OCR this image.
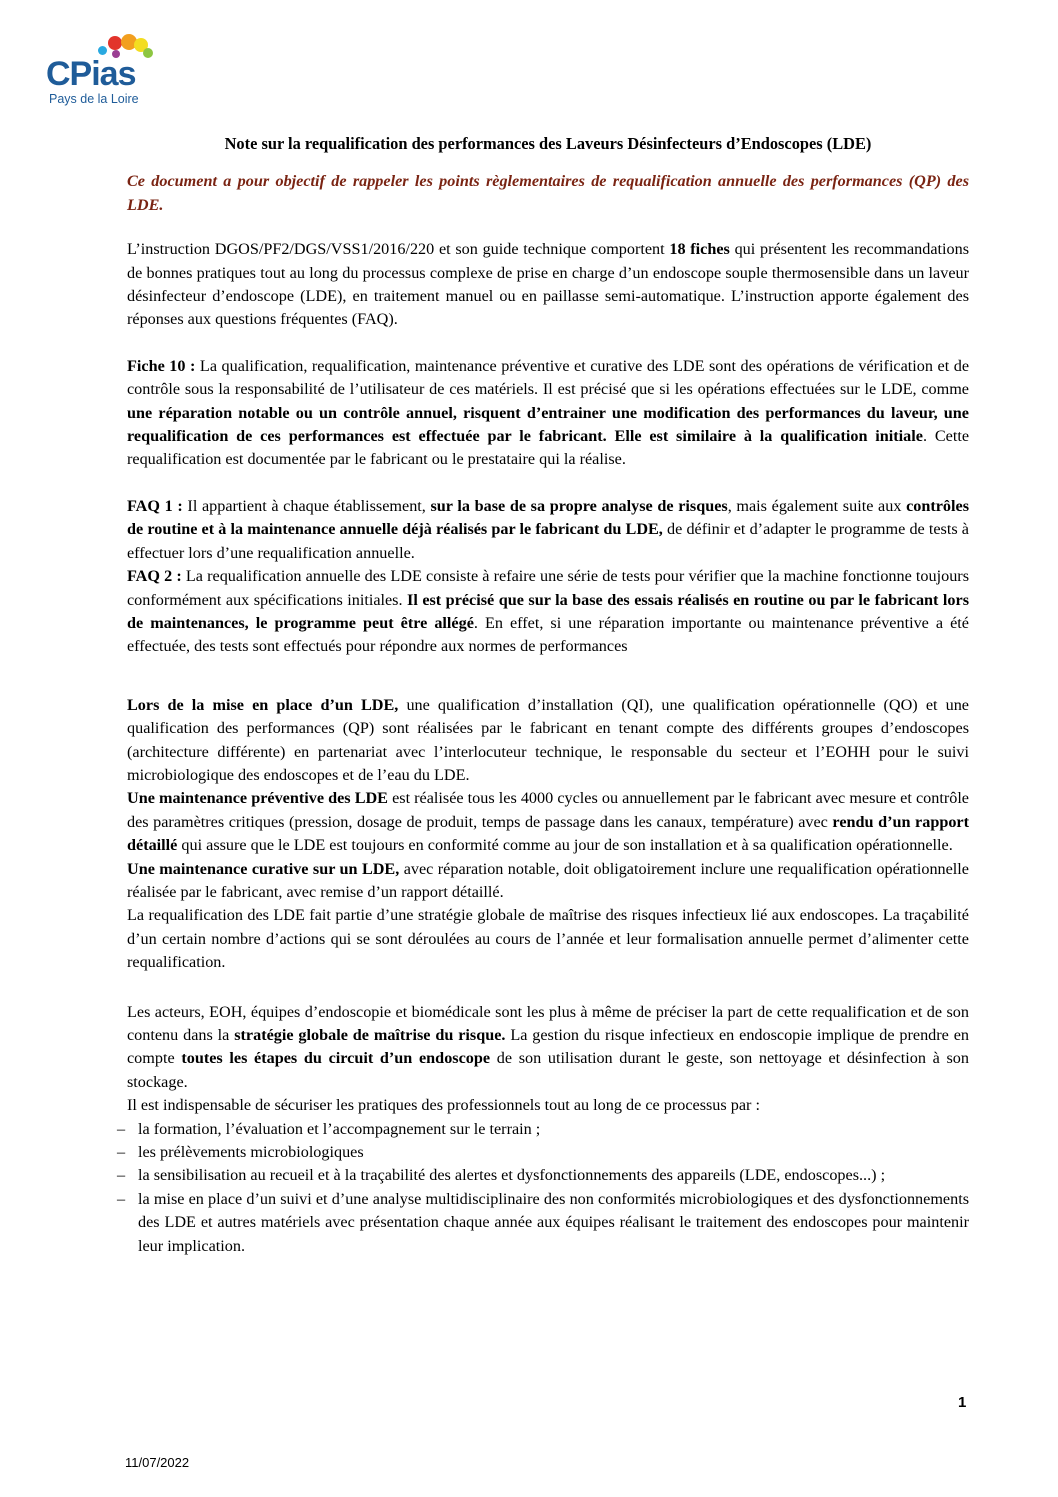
CPias
Pays de la Loire
Note sur la requalification des performances des Laveurs Désinfecteurs d’Endoscopes (LDE)

Ce document a pour objectif de rappeler les points règlementaires de requalification annuelle des performances (QP) des LDE.

L’instruction DGOS/PF2/DGS/VSS1/2016/220 et son guide technique comportent 18 fiches qui présentent les recommandations de bonnes pratiques tout au long du processus complexe de prise en charge d’un endoscope souple thermosensible dans un laveur désinfecteur d’endoscope (LDE), en traitement manuel ou en paillasse semi-automatique. L’instruction apporte également des réponses aux questions fréquentes (FAQ).

Fiche 10 : La qualification, requalification, maintenance préventive et curative des LDE sont des opérations de vérification et de contrôle sous la responsabilité de l’utilisateur de ces matériels. Il est précisé que si les opérations effectuées sur le LDE, comme une réparation notable ou un contrôle annuel, risquent d’entrainer une modification des performances du laveur, une requalification de ces performances est effectuée par le fabricant. Elle est similaire à la qualification initiale. Cette requalification est documentée par le fabricant ou le prestataire qui la réalise.

FAQ 1 : Il appartient à chaque établissement, sur la base de sa propre analyse de risques, mais également suite aux contrôles de routine et à la maintenance annuelle déjà réalisés par le fabricant du LDE, de définir et d’adapter le programme de tests à effectuer lors d’une requalification annuelle.

FAQ 2 : La requalification annuelle des LDE consiste à refaire une série de tests pour vérifier que la machine fonctionne toujours conformément aux spécifications initiales. Il est précisé que sur la base des essais réalisés en routine ou par le fabricant lors de maintenances, le programme peut être allégé. En effet, si une réparation importante ou maintenance préventive a été effectuée, des tests sont effectués pour répondre aux normes de performances

Lors de la mise en place d’un LDE, une qualification d’installation (QI), une qualification opérationnelle (QO) et une qualification des performances (QP) sont réalisées par le fabricant en tenant compte des différents groupes d’endoscopes (architecture différente) en partenariat avec l’interlocuteur technique, le responsable du secteur et l’EOHH pour le suivi microbiologique des endoscopes et de l’eau du LDE.

Une maintenance préventive des LDE est réalisée tous les 4000 cycles ou annuellement par le fabricant avec mesure et contrôle des paramètres critiques (pression, dosage de produit, temps de passage dans les canaux, température) avec rendu d’un rapport détaillé qui assure que le LDE est toujours en conformité comme au jour de son installation et à sa qualification opérationnelle.

Une maintenance curative sur un LDE, avec réparation notable, doit obligatoirement inclure une requalification opérationnelle réalisée par le fabricant, avec remise d’un rapport détaillé.

La requalification des LDE fait partie d’une stratégie globale de maîtrise des risques infectieux lié aux endoscopes. La traçabilité d’un certain nombre d’actions qui se sont déroulées au cours de l’année et leur formalisation annuelle permet d’alimenter cette requalification.

Les acteurs, EOH, équipes d’endoscopie et biomédicale sont les plus à même de préciser la part de cette requalification et de son contenu dans la stratégie globale de maîtrise du risque. La gestion du risque infectieux en endoscopie implique de prendre en compte toutes les étapes du circuit d’un endoscope de son utilisation durant le geste, son nettoyage et désinfection à son stockage.

Il est indispensable de sécuriser les pratiques des professionnels tout au long de ce processus par :

– la formation, l’évaluation et l’accompagnement sur le terrain ;
– les prélèvements microbiologiques
– la sensibilisation au recueil et à la traçabilité des alertes et dysfonctionnements des appareils (LDE, endoscopes...) ;
– la mise en place d’un suivi et d’une analyse multidisciplinaire des non conformités microbiologiques et des dysfonctionnements des LDE et autres matériels avec présentation chaque année aux équipes réalisant le traitement des endoscopes pour maintenir leur implication.
1
11/07/2022
